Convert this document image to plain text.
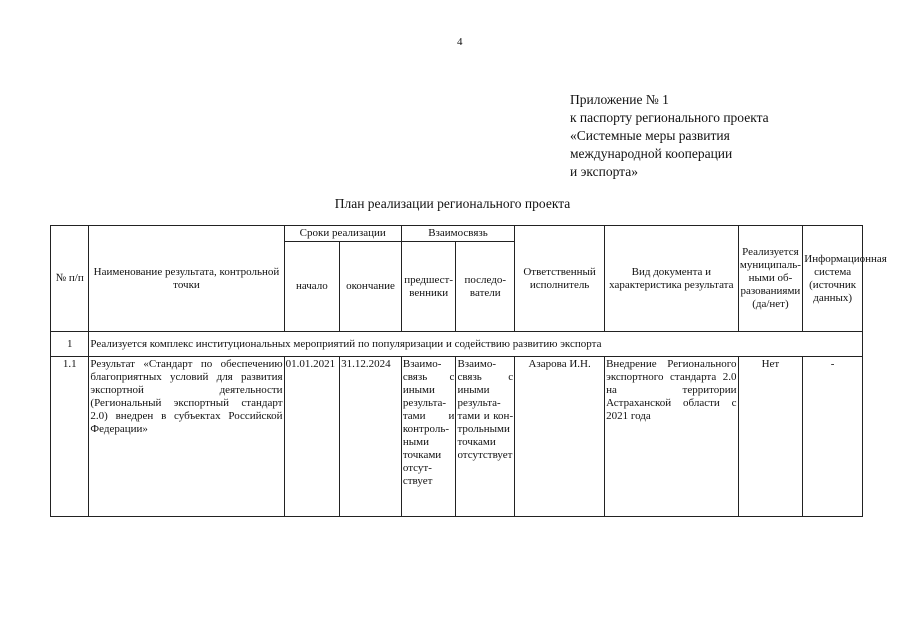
4
Приложение № 1
к паспорту регионального проекта
«Системные меры развития
международной кооперации
и экспорта»
План реализации регионального проекта
№ п/п	Наименование результата, контрольной точки	Сроки реализации		Взаимосвязь		Ответственный исполнитель	Вид документа и характеристика результата	Реализуется муниципальными образованиями (да/нет)	Информационная система (источник данных)
		начало	окончание	предшественники	последователи				
1	Реализуется комплекс институциональных мероприятий по популяризации и содействию развитию экспорта								
1.1	Результат «Стандарт по обеспечению благоприятных условий для развития экспортной деятельности (Региональный экспортный стандарт 2.0) внедрен в субъектах Российской Федерации»	01.01.2021	31.12.2024	Взаимосвязь с иными результатами и контрольными точками отсутствует	Взаимосвязь с иными результатами и контрольными точками отсутствует	Азарова И.Н.	Внедрение Регионального экспортного стандарта 2.0 на территории Астраханской области с 2021 года	Нет	-
